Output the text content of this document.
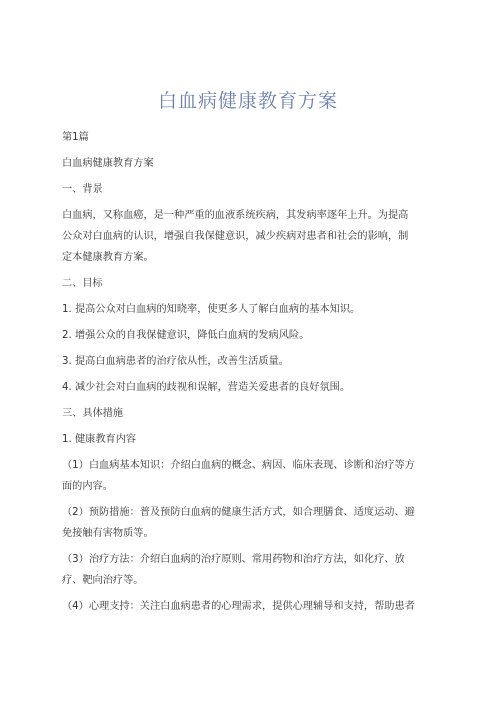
白血病健康教育方案
第1篇
白血病健康教育方案
一、背景
白血病，又称血癌，是一种严重的血液系统疾病，其发病率逐年上升。为提高
公众对白血病的认识，增强自我保健意识，减少疾病对患者和社会的影响，制
定本健康教育方案。
二、目标
1. 提高公众对白血病的知晓率，使更多人了解白血病的基本知识。
2. 增强公众的自我保健意识，降低白血病的发病风险。
3. 提高白血病患者的治疗依从性，改善生活质量。
4. 减少社会对白血病的歧视和误解，营造关爱患者的良好氛围。
三、具体措施
1. 健康教育内容
（1）白血病基本知识：介绍白血病的概念、病因、临床表现、诊断和治疗等方
面的内容。
（2）预防措施：普及预防白血病的健康生活方式，如合理膳食、适度运动、避
免接触有害物质等。
（3）治疗方法：介绍白血病的治疗原则、常用药物和治疗方法，如化疗、放
疗、靶向治疗等。
（4）心理支持：关注白血病患者的心理需求，提供心理辅导和支持，帮助患者
